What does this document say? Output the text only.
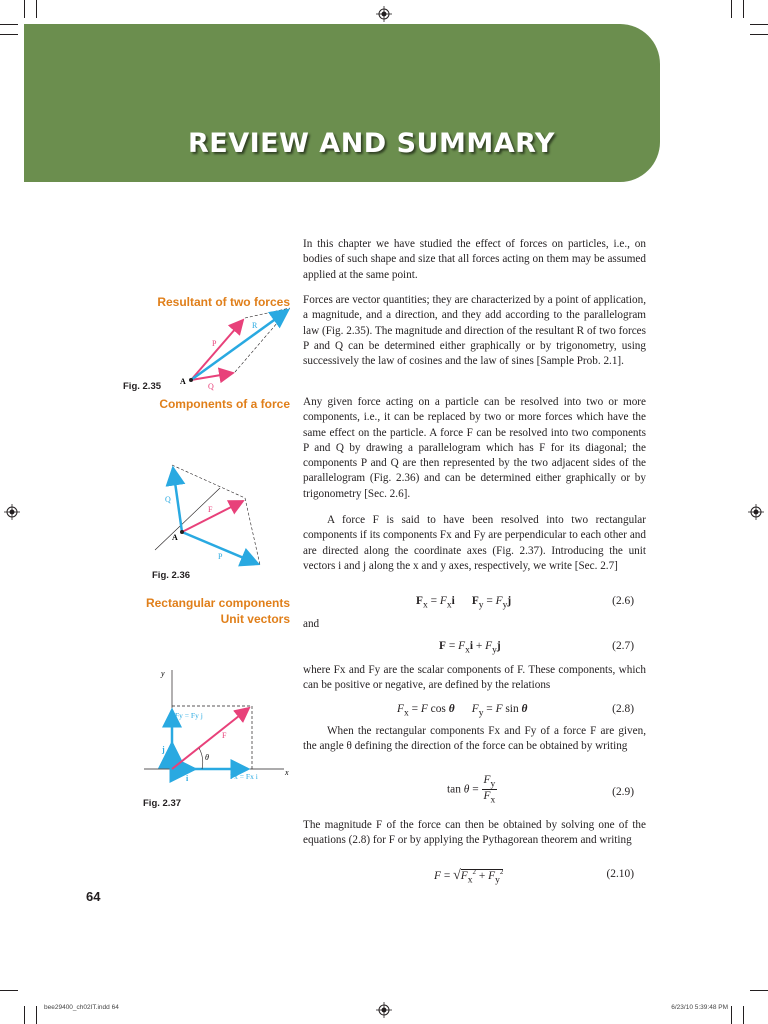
REVIEW AND SUMMARY
Resultant of two forces
Components of a force
Rectangular components
Unit vectors
A
P
Q
R
Fig. 2.35
A
Q
F
P
Fig. 2.36
y
x
j
i
F
θ
Fy = Fy j
Fx = Fx i
Fig. 2.37
In this chapter we have studied the effect of forces on particles, i.e., on bodies of such shape and size that all forces acting on them may be assumed applied at the same point.
Forces are vector quantities; they are characterized by a point of application, a magnitude, and a direction, and they add according to the parallelogram law (Fig. 2.35). The magnitude and direction of the resultant R of two forces P and Q can be determined either graphically or by trigonometry, using successively the law of cosines and the law of sines [Sample Prob. 2.1].
Any given force acting on a particle can be resolved into two or more components, i.e., it can be replaced by two or more forces which have the same effect on the particle. A force F can be resolved into two components P and Q by drawing a parallelogram which has F for its diagonal; the components P and Q are then represented by the two adjacent sides of the parallelogram (Fig. 2.36) and can be determined either graphically or by trigonometry [Sec. 2.6].
A force F is said to have been resolved into two rectangular components if its components Fx and Fy are perpendicular to each other and are directed along the coordinate axes (Fig. 2.37). Introducing the unit vectors i and j along the x and y axes, respectively, we write [Sec. 2.7]
$F_x = F_xi$ $F_y = F_yj$	(2.6)
and
$F = F_xi + F_yj$	(2.7)
where Fx and Fy are the scalar components of F. These components, which can be positive or negative, are defined by the relations
$F_x = F$ cos θ $F_y = F$ sin θ	(2.8)
When the rectangular components Fx and Fy of a force F are given, the angle θ defining the direction of the force can be obtained by writing
$\tan \theta = \frac{F_y}{F_x}$	(2.9)
The magnitude F of the force can then be obtained by solving one of the equations (2.8) for F or by applying the Pythagorean theorem and writing
$F = √F_x^2 + F_y^2$	(2.10)
64
bee29400_ch02IT.indd 64	6/23/10 5:39:48 PM
